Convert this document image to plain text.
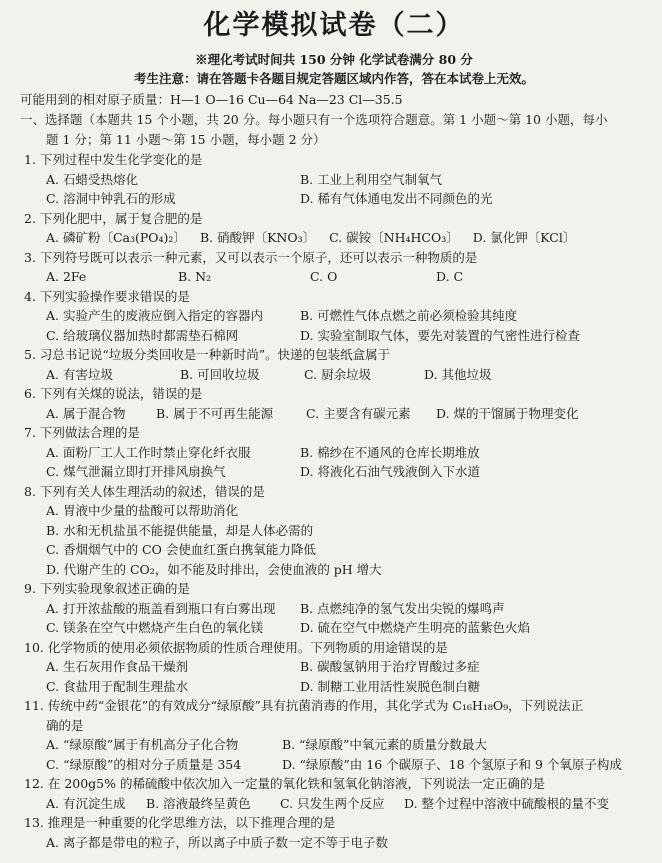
化学模拟试卷（二）
※理化考试时间共 150 分钟 化学试卷满分 80 分
考生注意：请在答题卡各题目规定答题区域内作答，答在本试卷上无效。
可能用到的相对原子质量：H—1 O—16 Cu—64 Na—23 Cl—35.5
一、选择题（本题共 15 个小题，共 20 分。每小题只有一个选项符合题意。第 1 小题～第 10 小题，每小
题 1 分；第 11 小题～第 15 小题，每小题 2 分）
1. 下列过程中发生化学变化的是
A. 石蜡受热熔化	B. 工业上利用空气制氧气
C. 溶洞中钟乳石的形成	D. 稀有气体通电发出不同颜色的光
2. 下列化肥中，属于复合肥的是
A. 磷矿粉〔Ca₃(PO₄)₂〕	B. 硝酸钾〔KNO₃〕	C. 碳铵〔NH₄HCO₃〕	D. 氯化钾〔KCl〕
3. 下列符号既可以表示一种元素，又可以表示一个原子，还可以表示一种物质的是
A. 2Fe	B. N₂	C. O	D. C
4. 下列实验操作要求错误的是
A. 实验产生的废液应倒入指定的容器内	B. 可燃性气体点燃之前必须检验其纯度
C. 给玻璃仪器加热时都需垫石棉网	D. 实验室制取气体，要先对装置的气密性进行检查
5. 习总书记说“垃圾分类回收是一种新时尚”。快递的包装纸盒属于
A. 有害垃圾	B. 可回收垃圾	C. 厨余垃圾	D. 其他垃圾
6. 下列有关煤的说法，错误的是
A. 属于混合物	B. 属于不可再生能源	C. 主要含有碳元素	D. 煤的干馏属于物理变化
7. 下列做法合理的是
A. 面粉厂工人工作时禁止穿化纤衣服	B. 棉纱在不通风的仓库长期堆放
C. 煤气泄漏立即打开排风扇换气	D. 将液化石油气残液倒入下水道
8. 下列有关人体生理活动的叙述，错误的是
A. 胃液中少量的盐酸可以帮助消化
B. 水和无机盐虽不能提供能量，却是人体必需的
C. 香烟烟气中的 CO 会使血红蛋白携氧能力降低
D. 代谢产生的 CO₂，如不能及时排出，会使血液的 pH 增大
9. 下列实验现象叙述正确的是
A. 打开浓盐酸的瓶盖看到瓶口有白雾出现	B. 点燃纯净的氢气发出尖锐的爆鸣声
C. 镁条在空气中燃烧产生白色的氧化镁	D. 硫在空气中燃烧产生明亮的蓝紫色火焰
10. 化学物质的使用必须依据物质的性质合理使用。下列物质的用途错误的是
A. 生石灰用作食品干燥剂	B. 碳酸氢钠用于治疗胃酸过多症
C. 食盐用于配制生理盐水	D. 制糖工业用活性炭脱色制白糖
11. 传统中药“金银花”的有效成分“绿原酸”具有抗菌消毒的作用，其化学式为 C₁₆H₁₈O₉，下列说法正
确的是
A. “绿原酸”属于有机高分子化合物	B. “绿原酸”中氧元素的质量分数最大
C. “绿原酸”的相对分子质量是 354	D. “绿原酸”由 16 个碳原子、18 个氢原子和 9 个氧原子构成
12. 在 200g5% 的稀硫酸中依次加入一定量的氧化铁和氢氧化钠溶液，下列说法一定正确的是
A. 有沉淀生成	B. 溶液最终呈黄色	C. 只发生两个反应	D. 整个过程中溶液中硫酸根的量不变
13. 推理是一种重要的化学思维方法，以下推理合理的是
A. 离子都是带电的粒子，所以离子中质子数一定不等于电子数
